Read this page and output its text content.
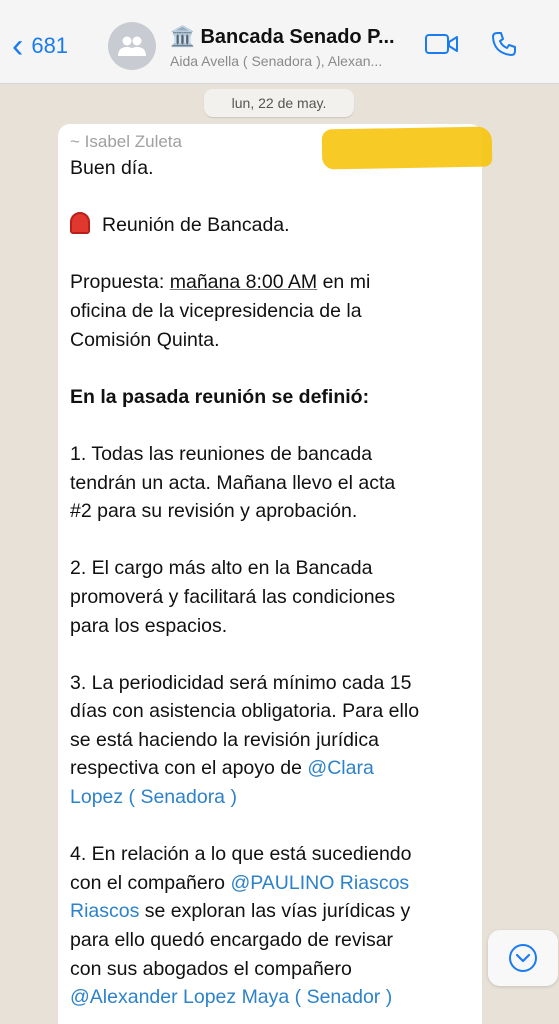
‹ 681	🏛️ Bancada Senado P...
Aida Avella ( Senadora ), Alexan...
lun, 22 de may.
~ Isabel Zuleta
Buen día.
Reunión de Bancada.
Propuesta: mañana 8:00 AM en mi
oficina de la vicepresidencia de la
Comisión Quinta.
En la pasada reunión se definió:
1. Todas las reuniones de bancada
tendrán un acta. Mañana llevo el acta
#2 para su revisión y aprobación.
2. El cargo más alto en la Bancada
promoverá y facilitará las condiciones
para los espacios.
3. La periodicidad será mínimo cada 15
días con asistencia obligatoria. Para ello
se está haciendo la revisión jurídica
respectiva con el apoyo de @Clara
Lopez ( Senadora )
4. En relación a lo que está sucediendo
con el compañero @PAULINO Riascos
Riascos se exploran las vías jurídicas y
para ello quedó encargado de revisar
con sus abogados el compañero
@Alexander Lopez Maya ( Senador )
